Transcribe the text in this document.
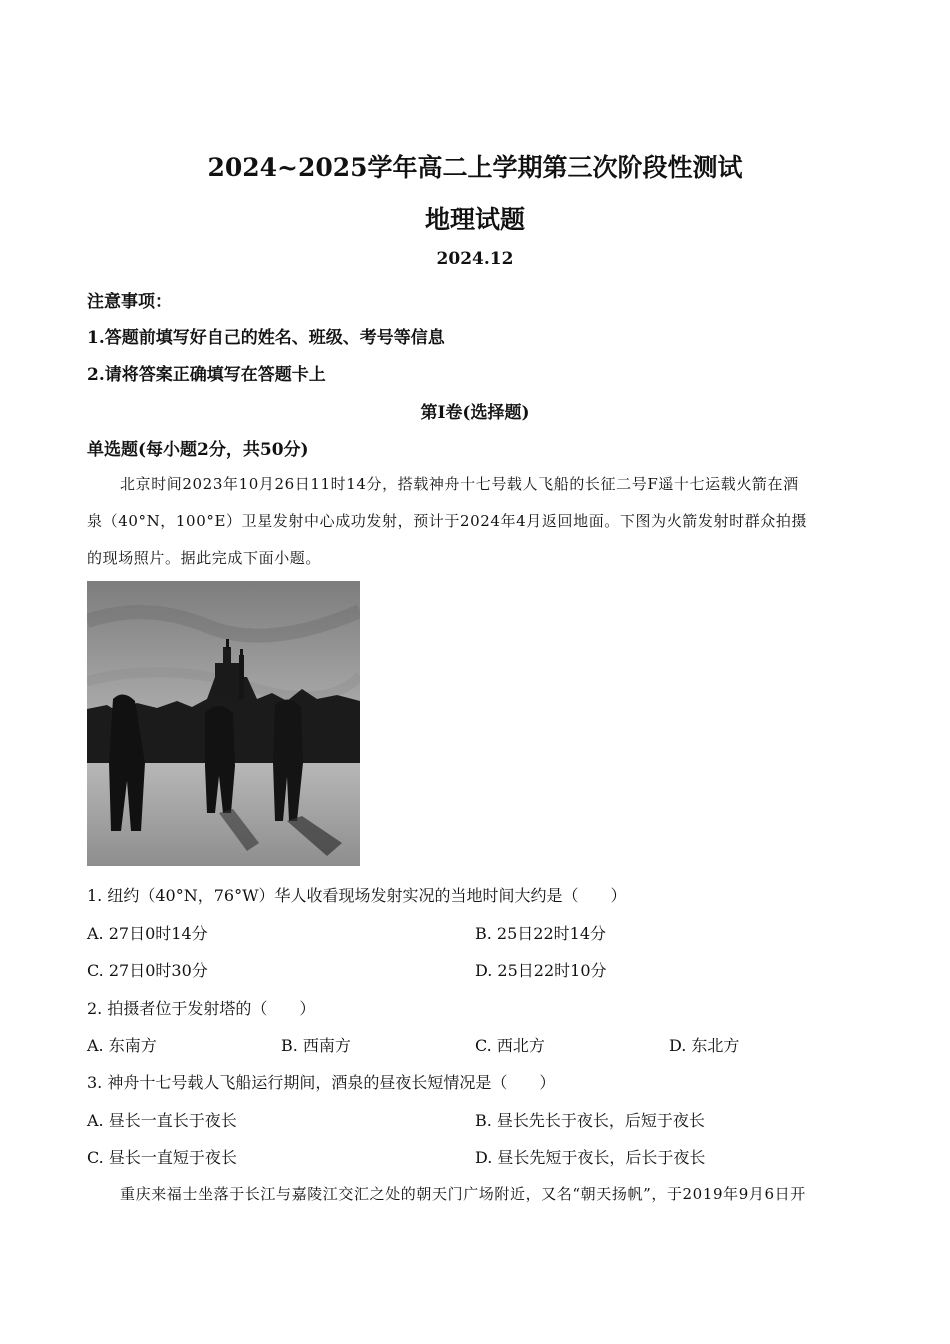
2024~2025学年高二上学期第三次阶段性测试
地理试题
2024.12
注意事项：
1.答题前填写好自己的姓名、班级、考号等信息
2.请将答案正确填写在答题卡上
第Ⅰ卷(选择题)
单选题(每小题2分，共50分)
北京时间2023年10月26日11时14分，搭载神舟十七号载人飞船的长征二号F遥十七运载火箭在酒
泉（40°N，100°E）卫星发射中心成功发射，预计于2024年4月返回地面。下图为火箭发射时群众拍摄
的现场照片。据此完成下面小题。
1. 纽约（40°N，76°W）华人收看现场发射实况的当地时间大约是（　　）
A. 27日0时14分	B. 25日22时14分
C. 27日0时30分	D. 25日22时10分
2. 拍摄者位于发射塔的（　　）
A. 东南方	B. 西南方	C. 西北方	D. 东北方
3. 神舟十七号载人飞船运行期间，酒泉的昼夜长短情况是（　　）
A. 昼长一直长于夜长	B. 昼长先长于夜长，后短于夜长
C. 昼长一直短于夜长	D. 昼长先短于夜长，后长于夜长
重庆来福士坐落于长江与嘉陵江交汇之处的朝天门广场附近，又名“朝天扬帆”，于2019年9月6日开
